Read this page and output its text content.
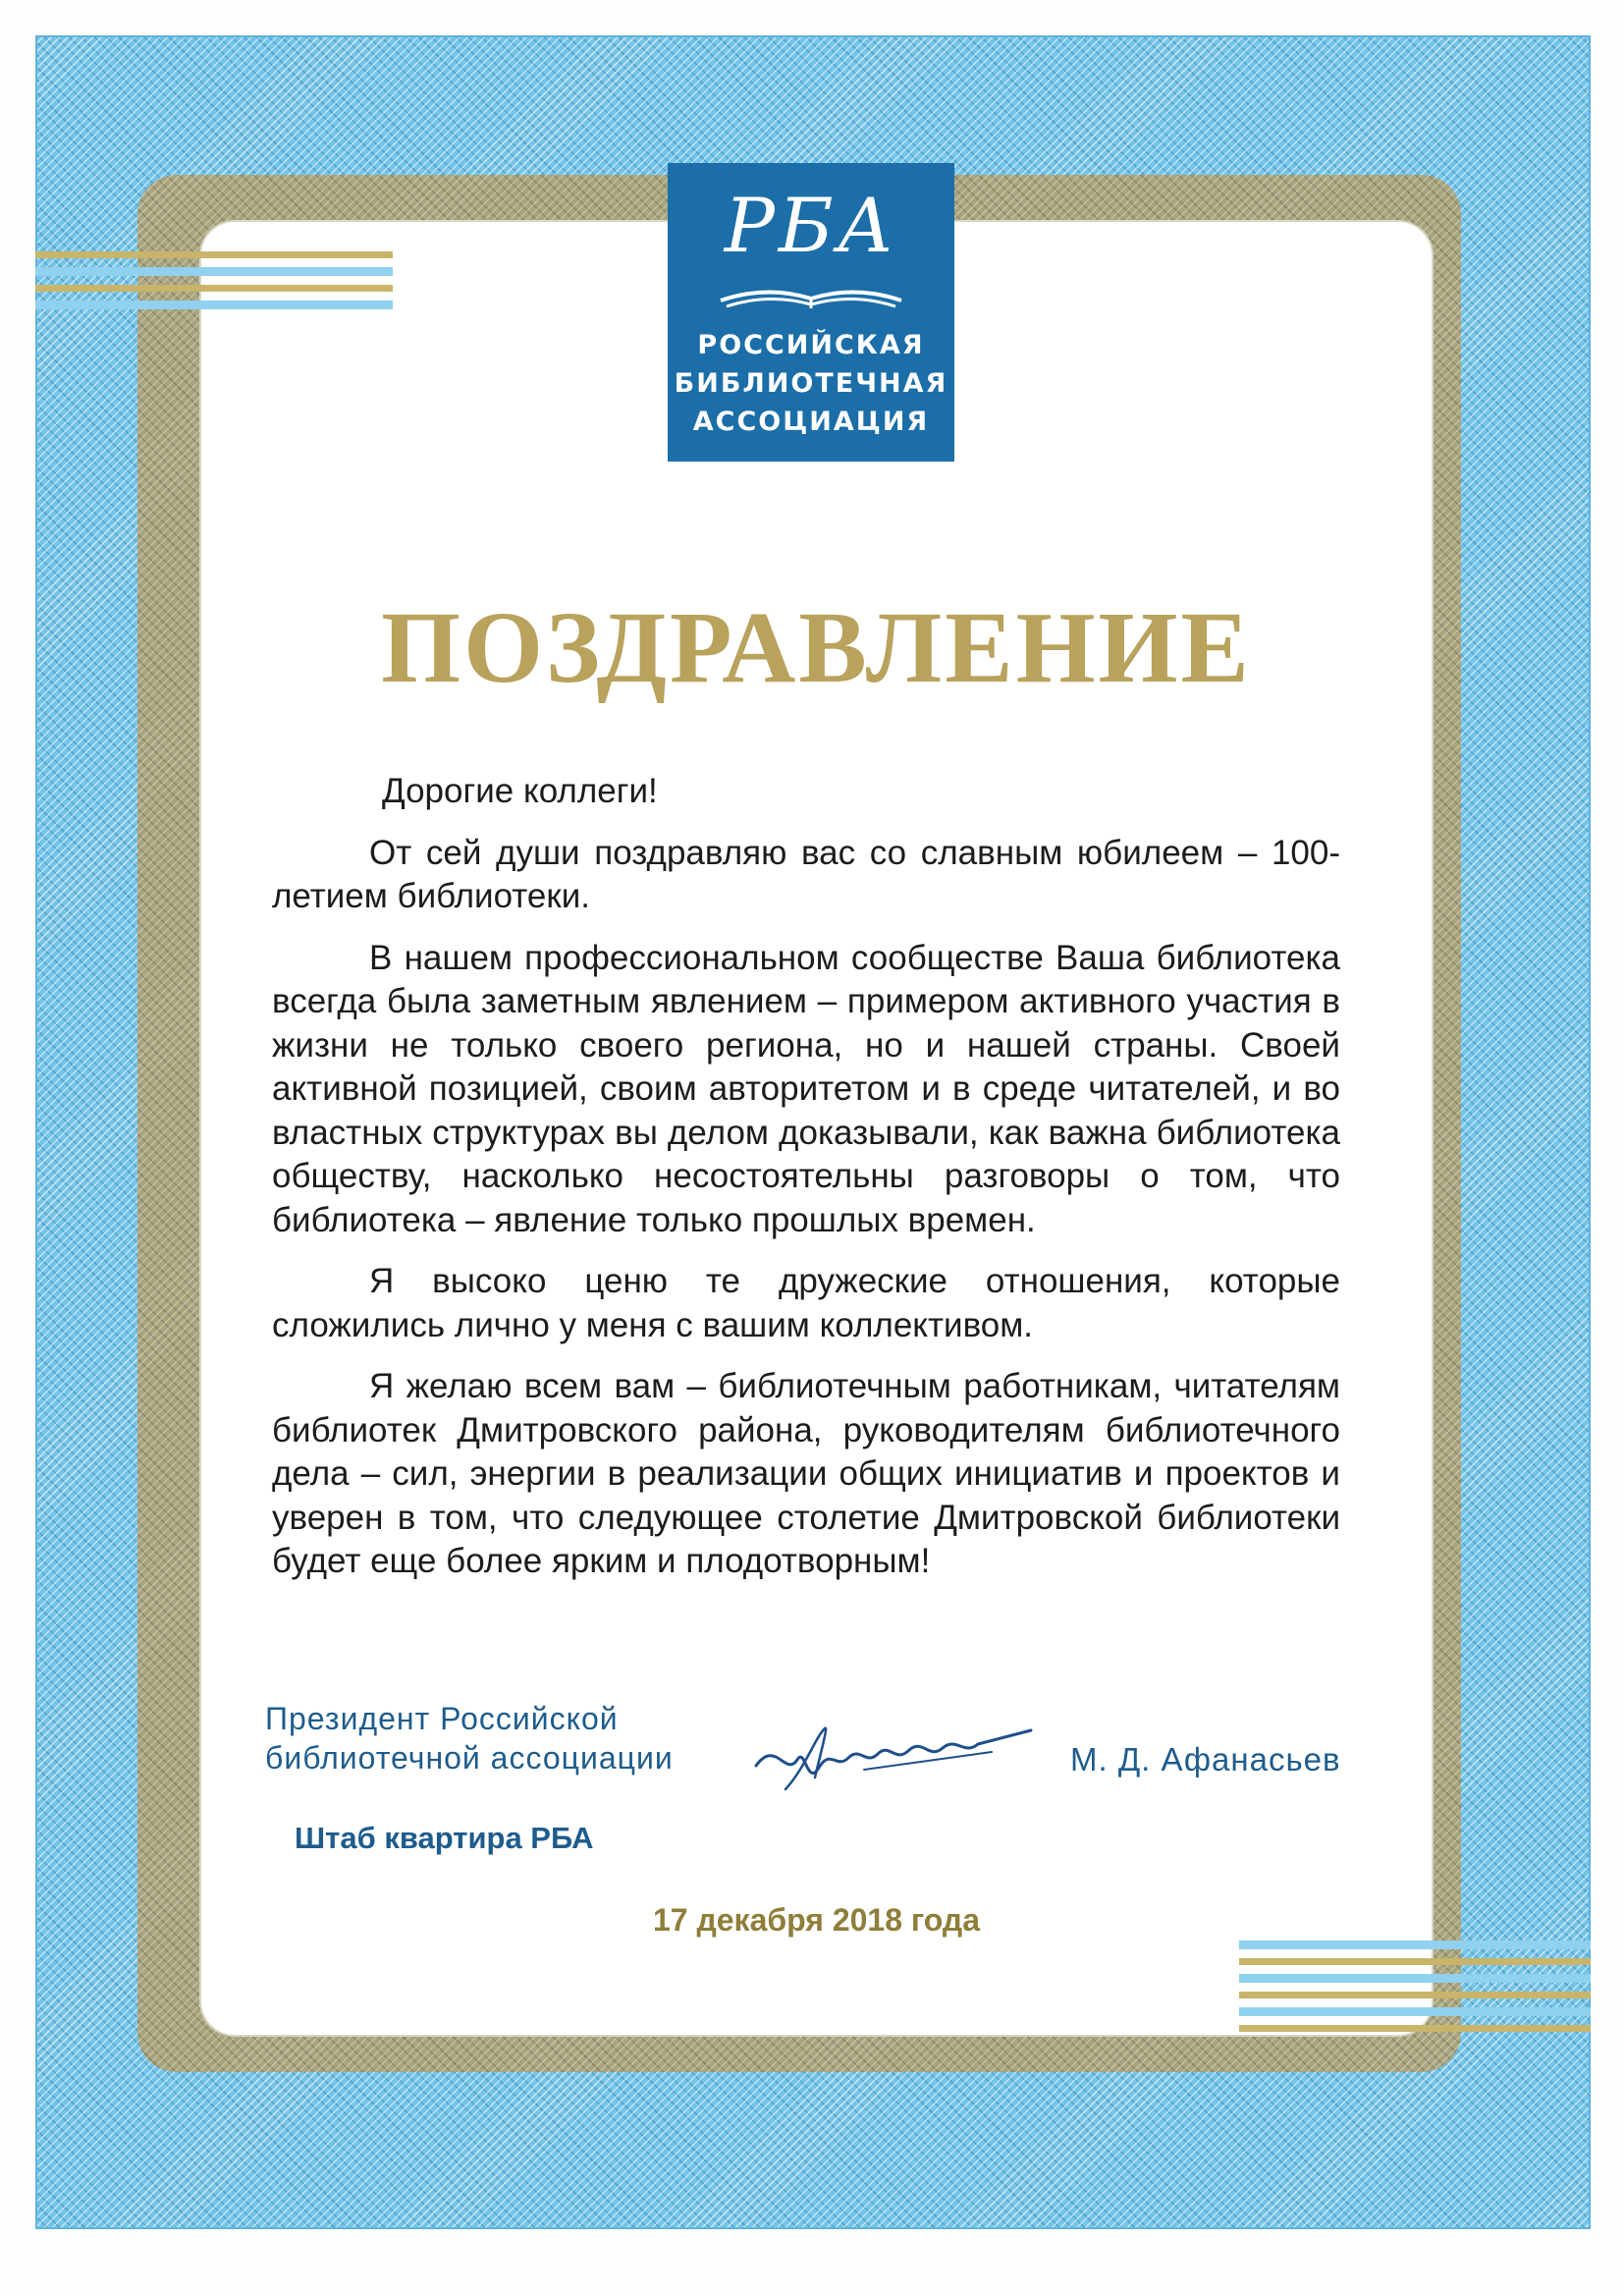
РБА
РОССИЙСКАЯ
БИБЛИОТЕЧНАЯ
АССОЦИАЦИЯ
ПОЗДРАВЛЕНИЕ

Дорогие коллеги!

От сей души поздравляю вас со славным юбилеем – 100-летием библиотеки.

В нашем профессиональном сообществе Ваша библиотека всегда была заметным явлением – примером активного участия в жизни не только своего региона, но и нашей страны. Своей активной позицией, своим авторитетом и в среде читателей, и во властных структурах вы делом доказывали, как важна библиотека обществу, насколько несостоятельны разговоры о том, что библиотека – явление только прошлых времен.

Я высоко ценю те дружеские отношения, которые сложились лично у меня с вашим коллективом.

Я желаю всем вам – библиотечным работникам, читателям библиотек Дмитровского района, руководителям библиотечного дела – сил, энергии в реализации общих инициатив и проектов и уверен в том, что следующее столетие Дмитровской библиотеки будет еще более ярким и плодотворным!

Президент Российской
библиотечной ассоциации	М. Д. Афанасьев
Штаб квартира РБА
17 декабря 2018 года
